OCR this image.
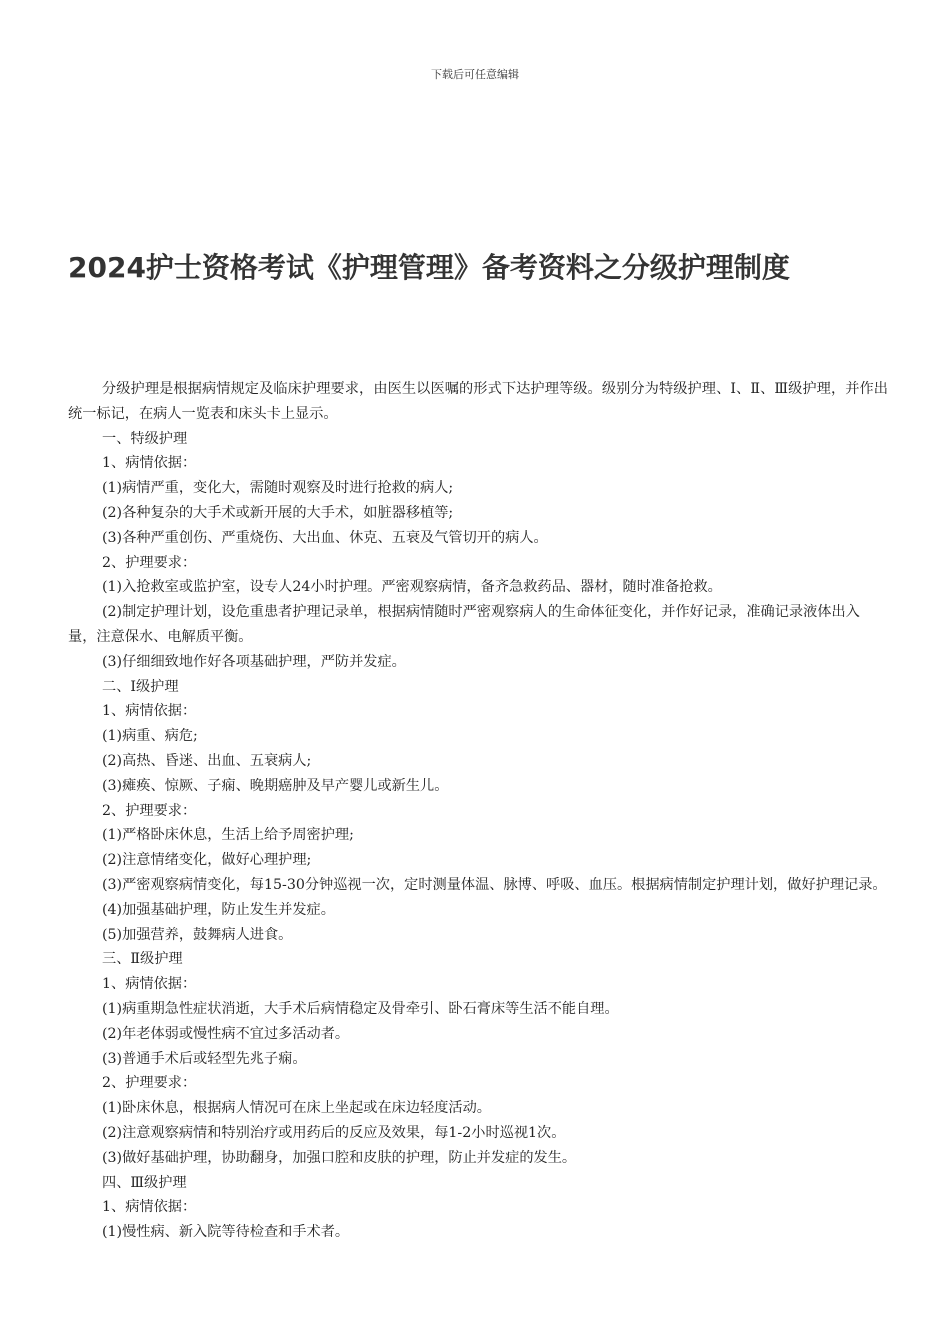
下载后可任意编辑
2024护士资格考试《护理管理》备考资料之分级护理制度

分级护理是根据病情规定及临床护理要求，由医生以医嘱的形式下达护理等级。级别分为特级护理、Ⅰ、Ⅱ、Ⅲ级护理，并作出统一标记，在病人一览表和床头卡上显示。

一、特级护理

1、病情依据：

(1)病情严重，变化大，需随时观察及时进行抢救的病人;

(2)各种复杂的大手术或新开展的大手术，如脏器移植等;

(3)各种严重创伤、严重烧伤、大出血、休克、五衰及气管切开的病人。

2、护理要求：

(1)入抢救室或监护室，设专人24小时护理。严密观察病情，备齐急救药品、器材，随时准备抢救。

(2)制定护理计划，设危重患者护理记录单，根据病情随时严密观察病人的生命体征变化，并作好记录，准确记录液体出入量，注意保水、电解质平衡。

(3)仔细细致地作好各项基础护理，严防并发症。

二、Ⅰ级护理

1、病情依据：

(1)病重、病危;

(2)高热、昏迷、出血、五衰病人;

(3)瘫痪、惊厥、子痫、晚期癌肿及早产婴儿或新生儿。

2、护理要求：

(1)严格卧床休息，生活上给予周密护理;

(2)注意情绪变化，做好心理护理;

(3)严密观察病情变化，每15-30分钟巡视一次，定时测量体温、脉博、呼吸、血压。根据病情制定护理计划，做好护理记录。

(4)加强基础护理，防止发生并发症。

(5)加强营养，鼓舞病人进食。

三、Ⅱ级护理

1、病情依据：

(1)病重期急性症状消逝，大手术后病情稳定及骨牵引、卧石膏床等生活不能自理。

(2)年老体弱或慢性病不宜过多活动者。

(3)普通手术后或轻型先兆子痫。

2、护理要求：

(1)卧床休息，根据病人情况可在床上坐起或在床边轻度活动。

(2)注意观察病情和特别治疗或用药后的反应及效果，每1-2小时巡视1次。

(3)做好基础护理，协助翻身，加强口腔和皮肤的护理，防止并发症的发生。

四、Ⅲ级护理

1、病情依据：

(1)慢性病、新入院等待检查和手术者。
